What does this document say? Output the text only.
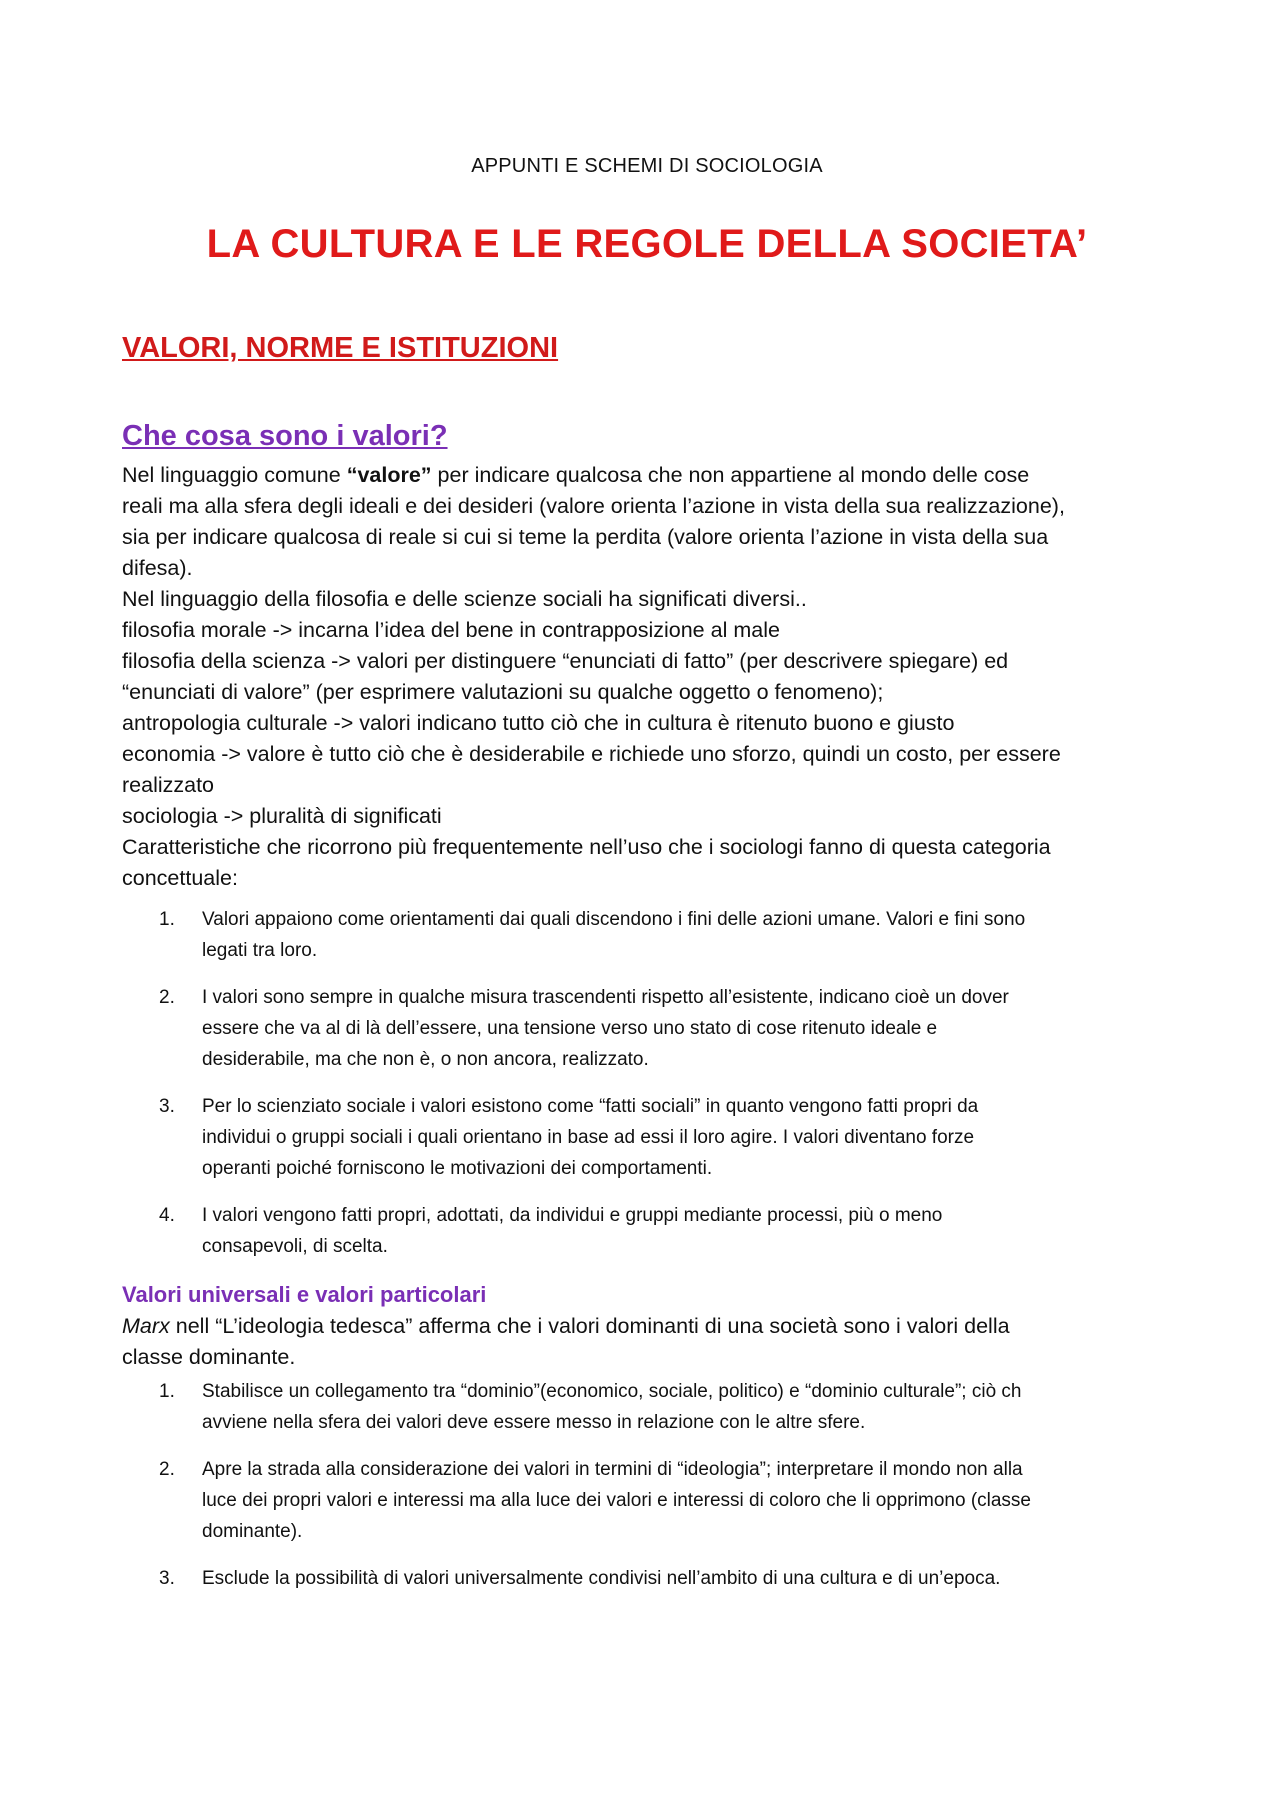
APPUNTI E SCHEMI DI SOCIOLOGIA
LA CULTURA E LE REGOLE DELLA SOCIETA’
VALORI, NORME E ISTITUZIONI
Che cosa sono i valori?

Nel linguaggio comune “valore” per indicare qualcosa che non appartiene al mondo delle cose

reali ma alla sfera degli ideali e dei desideri (valore orienta l’azione in vista della sua realizzazione),

sia per indicare qualcosa di reale si cui si teme la perdita (valore orienta l’azione in vista della sua

difesa).

Nel linguaggio della filosofia e delle scienze sociali ha significati diversi..

filosofia morale -> incarna l’idea del bene in contrapposizione al male

filosofia della scienza -> valori per distinguere “enunciati di fatto” (per descrivere spiegare) ed

“enunciati di valore” (per esprimere valutazioni su qualche oggetto o fenomeno);

antropologia culturale -> valori indicano tutto ciò che in cultura è ritenuto buono e giusto

economia -> valore è tutto ciò che è desiderabile e richiede uno sforzo, quindi un costo, per essere

realizzato

sociologia -> pluralità di significati

Caratteristiche che ricorrono più frequentemente nell’uso che i sociologi fanno di questa categoria

concettuale:

1. Valori appaiono come orientamenti dai quali discendono i fini delle azioni umane. Valori e fini sono

legati tra loro.

2. I valori sono sempre in qualche misura trascendenti rispetto all’esistente, indicano cioè un dover

essere che va al di là dell’essere, una tensione verso uno stato di cose ritenuto ideale e

desiderabile, ma che non è, o non ancora, realizzato.

3. Per lo scienziato sociale i valori esistono come “fatti sociali” in quanto vengono fatti propri da

individui o gruppi sociali i quali orientano in base ad essi il loro agire. I valori diventano forze

operanti poiché forniscono le motivazioni dei comportamenti.

4. I valori vengono fatti propri, adottati, da individui e gruppi mediante processi, più o meno

consapevoli, di scelta.

Valori universali e valori particolari

Marx nell “L’ideologia tedesca” afferma che i valori dominanti di una società sono i valori della

classe dominante.

1. Stabilisce un collegamento tra “dominio”(economico, sociale, politico) e “dominio culturale”; ciò ch

avviene nella sfera dei valori deve essere messo in relazione con le altre sfere.

2. Apre la strada alla considerazione dei valori in termini di “ideologia”; interpretare il mondo non alla

luce dei propri valori e interessi ma alla luce dei valori e interessi di coloro che li opprimono (classe

dominante).

3. Esclude la possibilità di valori universalmente condivisi nell’ambito di una cultura e di un’epoca.
